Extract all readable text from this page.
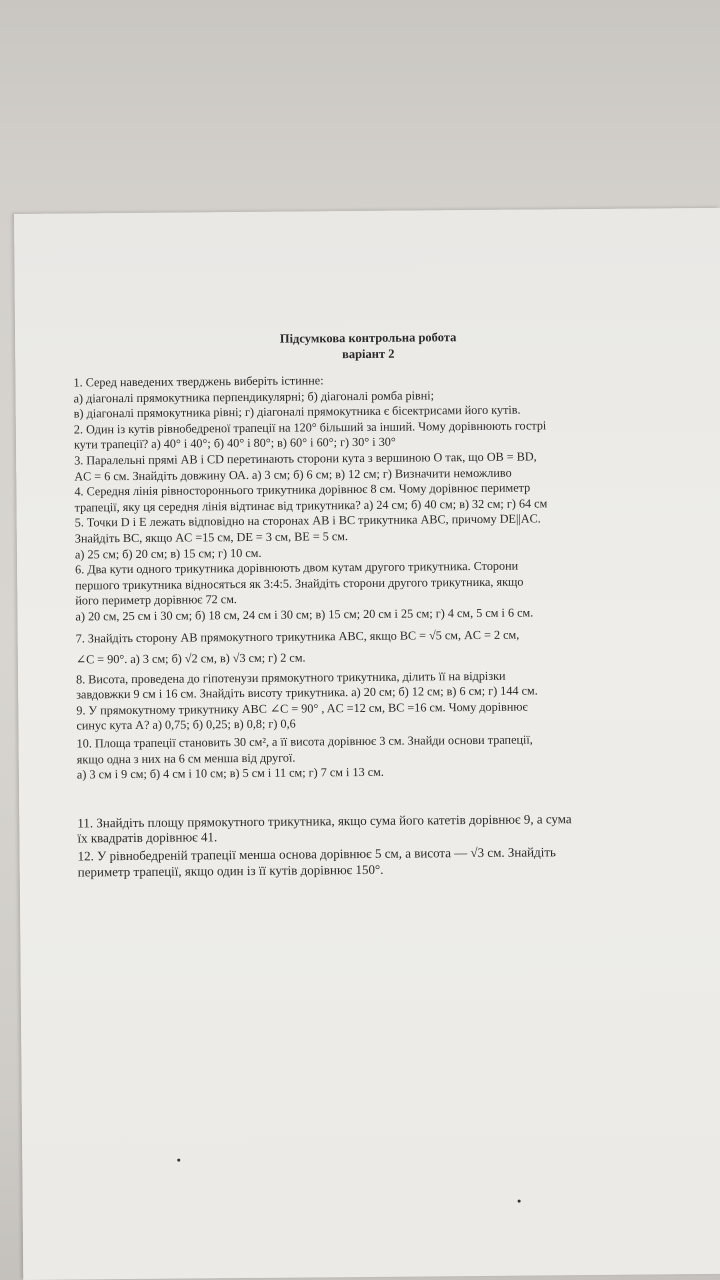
Підсумкова контрольна робота
варіант 2
1. Серед наведених тверджень виберіть істинне:
а) діагоналі прямокутника перпендикулярні; б) діагоналі ромба рівні;
в) діагоналі прямокутника рівні; г) діагоналі прямокутника є бісектрисами його кутів.
2. Один із кутів рівнобедреної трапеції на 120° більший за інший. Чому дорівнюють гострі
кути трапеції? а) 40° і 40°; б) 40° і 80°; в) 60° і 60°; г) 30° і 30°
3. Паралельні прямі AB і CD перетинають сторони кута з вершиною О так, що OB = BD,
AC = 6 см. Знайдіть довжину ОА. а) 3 см; б) 6 см; в) 12 см; г) Визначити неможливо
4. Середня лінія рівностороннього трикутника дорівнює 8 см. Чому дорівнює периметр
трапеції, яку ця середня лінія відтинає від трикутника? а) 24 см; б) 40 см; в) 32 см; г) 64 см
5. Точки D і E лежать відповідно на сторонах AB і BC трикутника ABC, причому DE||AC.
Знайдіть BC, якщо AC =15 см, DE = 3 см, BE = 5 см.
а) 25 см; б) 20 см; в) 15 см; г) 10 см.
6. Два кути одного трикутника дорівнюють двом кутам другого трикутника. Сторони
першого трикутника відносяться як 3:4:5. Знайдіть сторони другого трикутника, якщо
його периметр дорівнює 72 см.
а) 20 см, 25 см і 30 см; б) 18 см, 24 см і 30 см; в) 15 см; 20 см і 25 см; г) 4 см, 5 см і 6 см.
7. Знайдіть сторону AB прямокутного трикутника ABC, якщо BC = √5 см, AC = 2 см,
∠C = 90°. а) 3 см; б) √2 см, в) √3 см; г) 2 см.
8. Висота, проведена до гіпотенузи прямокутного трикутника, ділить її на відрізки
завдовжки 9 см і 16 см. Знайдіть висоту трикутника. а) 20 см; б) 12 см; в) 6 см; г) 144 см.
9. У прямокутному трикутнику ABC ∠C = 90° , AC =12 см, BC =16 см. Чому дорівнює
синус кута А? а) 0,75; б) 0,25; в) 0,8; г) 0,6
10. Площа трапеції становить 30 см², а її висота дорівнює 3 см. Знайди основи трапеції,
якщо одна з них на 6 см менша від другої.
а) 3 см і 9 см; б) 4 см і 10 см; в) 5 см і 11 см; г) 7 см і 13 см.
11. Знайдіть площу прямокутного трикутника, якщо сума його катетів дорівнює 9, а сума
їх квадратів дорівнює 41.
12. У рівнобедреній трапеції менша основа дорівнює 5 см, а висота — √3 см. Знайдіть
периметр трапеції, якщо один із її кутів дорівнює 150°.
